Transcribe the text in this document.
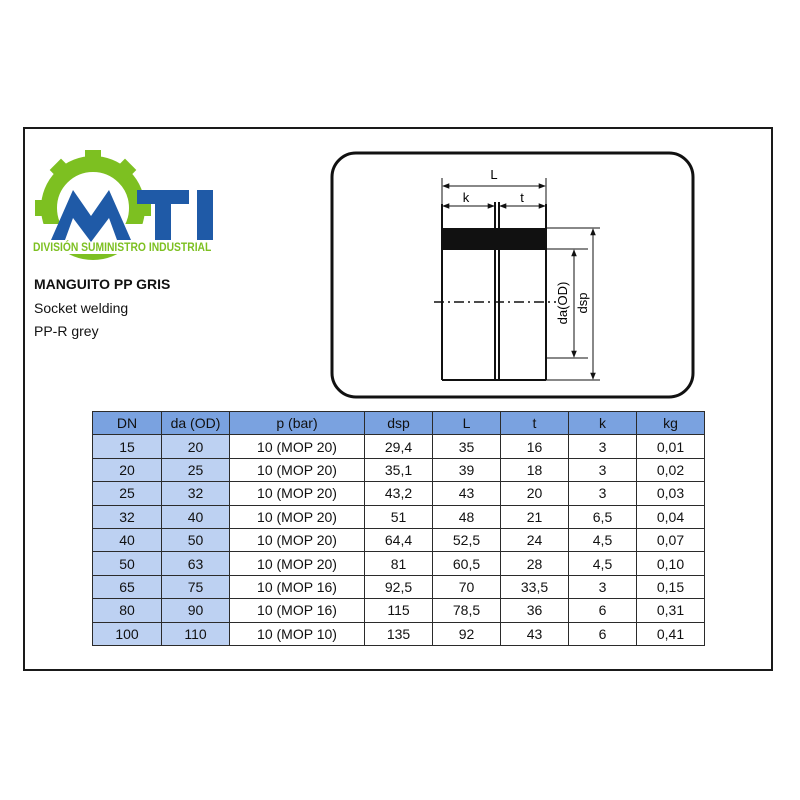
MTI
DIVISIÓN SUMINISTRO INDUSTRIAL
MANGUITO PP GRIS
Socket welding
PP-R grey
L
k	t
da(OD) dsp
DN	da (OD)	p (bar)	dsp	L	t	k	kg
15	20	10 (MOP 20)	29,4	35	16	3	0,01
20	25	10 (MOP 20)	35,1	39	18	3	0,02
25	32	10 (MOP 20)	43,2	43	20	3	0,03
32	40	10 (MOP 20)	51	48	21	6,5	0,04
40	50	10 (MOP 20)	64,4	52,5	24	4,5	0,07
50	63	10 (MOP 20)	81	60,5	28	4,5	0,10
65	75	10 (MOP 16)	92,5	70	33,5	3	0,15
80	90	10 (MOP 16)	115	78,5	36	6	0,31
100	110	10 (MOP 10)	135	92	43	6	0,41
